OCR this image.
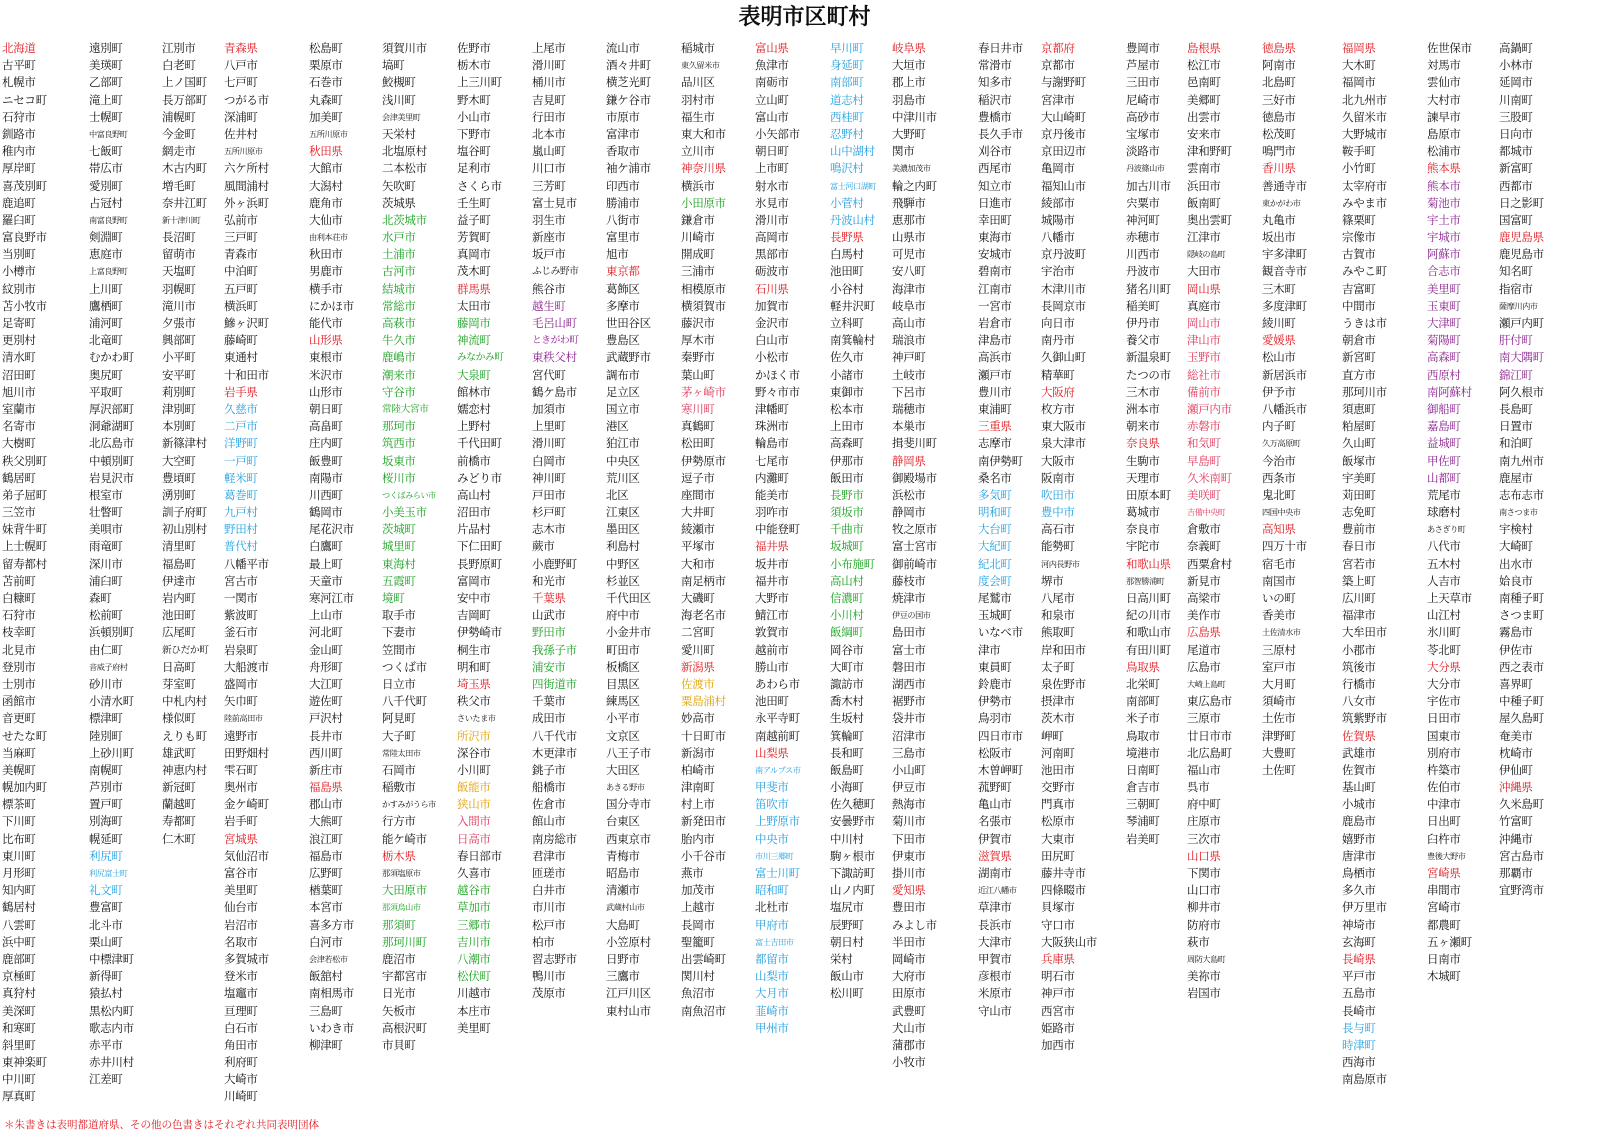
表明市区町村
北海道
古平町
札幌市
ニセコ町
石狩市
釧路市
稚内市
厚岸町
喜茂別町
鹿追町
羅臼町
富良野市
当別町
小樽市
紋別市
苫小牧市
足寄町
更別村
清水町
沼田町
旭川市
室蘭市
名寄市
大樹町
秩父別町
鶴居町
弟子屈町
三笠市
妹背牛町
上士幌町
留寿都村
苫前町
白糠町
石狩市
枝幸町
北見市
登別市
士別市
函館市
音更町
せたな町
当麻町
美幌町
幌加内町
標茶町
下川町
比布町
東川町
月形町
知内町
鶴居村
八雲町
浜中町
鹿部町
京極町
真狩村
美深町
和寒町
斜里町
東神楽町
中川町
厚真町
遠別町
美瑛町
乙部町
滝上町
士幌町
中富良野町
七飯町
帯広市
愛別町
占冠村
南富良野町
剣淵町
恵庭市
上富良野町
上川町
鷹栖町
浦河町
北竜町
むかわ町
奥尻町
平取町
厚沢部町
洞爺湖町
北広島市
中頓別町
岩見沢市
根室市
壮瞥町
美唄市
雨竜町
深川市
浦臼町
森町
松前町
浜頓別町
由仁町
音威子府村
砂川市
小清水町
標津町
陸別町
上砂川町
南幌町
芦別市
置戸町
別海町
幌延町
利尻町
利尻富士町
礼文町
豊富町
北斗市
栗山町
中標津町
新得町
猿払村
黒松内町
歌志内市
赤平市
赤井川村
江差町
江別市
白老町
上ノ国町
長万部町
浦幌町
今金町
網走市
木古内町
増毛町
奈井江町
新十津川町
長沼町
留萌市
天塩町
羽幌町
滝川市
夕張市
興部町
小平町
安平町
莉別町
津別町
本別町
新篠津村
大空町
豊頃町
湧別町
訓子府町
初山別村
清里町
福島町
伊達市
岩内町
池田町
広尾町
新ひだか町
日高町
芽室町
中札内村
様似町
えりも町
雄武町
神恵内村
新冠町
蘭越町
寿都町
仁木町
青森県
八戸市
七戸町
つがる市
深浦町
佐井村
五所川原市
六ケ所村
風間浦村
外ヶ浜町
弘前市
三戸町
青森市
中泊町
五戸町
横浜町
鰺ヶ沢町
藤崎町
東通村
十和田市
岩手県
久慈市
二戸市
洋野町
一戸町
軽米町
葛巻町
九戸村
野田村
普代村
八幡平市
宮古市
一関市
紫波町
釜石市
岩泉町
大船渡市
盛岡市
矢巾町
陸前高田市
遠野市
田野畑村
雫石町
奥州市
金ケ崎町
岩手町
宮城県
気仙沼市
富谷市
美里町
仙台市
岩沼市
名取市
多賀城市
登米市
塩竈市
亘理町
白石市
角田市
利府町
大崎市
川崎町
松島町
栗原市
石巻市
丸森町
加美町
五所川原市
秋田県
大館市
大潟村
鹿角市
大仙市
由利本荘市
秋田市
男鹿市
横手市
にかほ市
能代市
山形県
東根市
米沢市
山形市
朝日町
高畠町
庄内町
飯豊町
南陽市
川西町
鶴岡市
尾花沢市
白鷹町
最上町
天童市
寒河江市
上山市
河北町
金山町
舟形町
大江町
遊佐町
戸沢村
長井市
西川町
新庄市
福島県
郡山市
大熊町
浪江町
福島市
広野町
楢葉町
本宮市
喜多方市
白河市
会津若松市
飯舘村
南相馬市
三島町
いわき市
柳津町
須賀川市
塙町
鮫槻町
浅川町
会津美里町
天栄村
北塩原村
二本松市
矢吹町
茨城県
北茨城市
水戸市
土浦市
古河市
結城市
常総市
高萩市
牛久市
鹿嶋市
潮来市
守谷市
常陸大宮市
那珂市
筑西市
坂東市
桜川市
つくばみらい市
小美玉市
茨城町
城里町
東海村
五霞町
境町
取手市
下妻市
笠間市
つくば市
日立市
八千代町
阿見町
大子町
常陸太田市
石岡市
稲敷市
かすみがうら市
行方市
能ケ崎市
栃木県
那須塩原市
大田原市
那須烏山市
那須町
那珂川町
鹿沼市
宇都宮市
日光市
矢板市
高根沢町
市貝町
佐野市
栃木市
上三川町
野木町
小山市
下野市
塩谷町
足利市
さくら市
壬生町
益子町
芳賀町
真岡市
茂木町
群馬県
太田市
藤岡市
神流町
みなかみ町
大泉町
館林市
嬬恋村
上野村
千代田町
前橋市
みどり市
高山村
沼田市
片品村
下仁田町
長野原町
富岡市
安中市
吉岡町
伊勢崎市
桐生市
明和町
埼玉県
秩父市
さいたま市
所沢市
深谷市
小川町
飯能市
狭山市
入間市
日高市
春日部市
久喜市
越谷市
草加市
三郷市
吉川市
八潮市
松伏町
川越市
本庄市
美里町
上尾市
滑川町
桶川市
吉見町
行田市
北本市
嵐山町
川口市
三芳町
富士見市
羽生市
新座市
坂戸市
ふじみ野市
熊谷市
越生町
毛呂山町
ときがわ町
東秩父村
宮代町
鶴ケ島市
加須市
上里町
滑川町
白岡市
神川町
戸田市
杉戸町
志木市
蕨市
小鹿野町
和光市
千葉県
山武市
野田市
我孫子市
浦安市
四街道市
千葉市
成田市
八千代市
木更津市
銚子市
船橋市
佐倉市
館山市
南房総市
君津市
匝瑳市
白井市
市川市
松戸市
柏市
習志野市
鴨川市
茂原市
流山市
酒々井町
横芝光町
鎌ケ谷市
市原市
富津市
香取市
袖ケ浦市
印西市
勝浦市
八街市
富里市
旭市
東京都
葛飾区
多摩市
世田谷区
豊島区
武蔵野市
調布市
足立区
国立市
港区
狛江市
中央区
荒川区
北区
江東区
墨田区
利島村
中野区
杉並区
千代田区
府中市
小金井市
町田市
板橋区
目黒区
練馬区
小平市
文京区
八王子市
大田区
あきる野市
国分寺市
台東区
西東京市
青梅市
昭島市
清瀬市
武蔵村山市
大島町
小笠原村
日野市
三鷹市
江戸川区
東村山市
稲城市
東久留米市
品川区
羽村市
福生市
東大和市
立川市
神奈川県
横浜市
小田原市
鎌倉市
川崎市
開成町
三浦市
相模原市
横須賀市
藤沢市
厚木市
秦野市
葉山町
茅ヶ崎市
寒川町
真鶴町
松田町
伊勢原市
逗子市
座間市
大井町
綾瀬市
平塚市
大和市
南足柄市
大磯町
海老名市
二宮町
愛川町
新潟県
佐渡市
粟島浦村
妙高市
十日町市
新潟市
柏崎市
津南町
村上市
新発田市
胎内市
小千谷市
燕市
加茂市
上越市
長岡市
聖籠町
出雲崎町
関川村
魚沼市
南魚沼市
富山県
魚津市
南砺市
立山町
富山市
小矢部市
朝日町
上市町
射水市
氷見市
滑川市
高岡市
黒部市
砺波市
石川県
加賀市
金沢市
白山市
小松市
かほく市
野々市市
津幡町
珠洲市
輪島市
七尾市
内灘町
能美市
羽咋市
中能登町
福井県
坂井市
福井市
大野市
鯖江市
敦賀市
越前市
勝山市
あわら市
池田町
永平寺町
南越前町
山梨県
南アルプス市
甲斐市
笛吹市
上野原市
中央市
市川三郷町
富士川町
昭和町
北杜市
甲府市
富士吉田市
都留市
山梨市
大月市
韮崎市
甲州市
早川町
身延町
南部町
道志村
西桂町
忍野村
山中湖村
鳴沢村
富士河口湖町
小菅村
丹波山村
長野県
白馬村
池田町
小谷村
軽井沢町
立科町
南箕輪村
佐久市
小諸市
東御市
松本市
上田市
高森町
伊那市
飯田市
長野市
須坂市
千曲市
坂城町
小布施町
高山村
信濃町
小川村
飯綱町
岡谷市
大町市
諏訪市
喬木村
生坂村
箕輪町
長和町
飯島町
小海町
佐久穂町
安曇野市
中川村
駒ヶ根市
下諏訪町
山ノ内町
塩尻市
辰野町
朝日村
栄村
飯山市
松川町
岐阜県
大垣市
郡上市
羽島市
中津川市
大野町
関市
美濃加茂市
輪之内町
飛騨市
恵那市
山県市
可児市
安八町
海津市
岐阜市
高山市
瑞浪市
神戸町
土岐市
下呂市
瑞穂市
本巣市
揖斐川町
静岡県
御殿場市
浜松市
静岡市
牧之原市
富士宮市
御前崎市
藤枝市
焼津市
伊豆の国市
島田市
富士市
磐田市
湖西市
裾野市
袋井市
沼津市
三島市
小山町
伊豆市
熱海市
菊川市
下田市
伊東市
掛川市
愛知県
豊田市
みよし市
半田市
岡崎市
大府市
田原市
武豊町
犬山市
蒲郡市
小牧市
春日井市
常滑市
知多市
稲沢市
豊橋市
長久手市
刈谷市
西尾市
知立市
日進市
幸田町
東海市
安城市
碧南市
江南市
一宮市
岩倉市
津島市
高浜市
瀬戸市
豊川市
東浦町
三重県
志摩市
南伊勢町
桑名市
多気町
明和町
大台町
大紀町
紀北町
度会町
尾鷲市
玉城町
いなべ市
津市
東員町
鈴鹿市
伊勢市
鳥羽市
四日市市
松阪市
木曽岬町
菰野町
亀山市
名張市
伊賀市
滋賀県
湖南市
近江八幡市
草津市
長浜市
大津市
甲賀市
彦根市
米原市
守山市
京都府
京都市
与謝野町
宮津市
大山崎町
京丹後市
京田辺市
亀岡市
福知山市
綾部市
城陽市
八幡市
京丹波町
宇治市
木津川市
長岡京市
向日市
南丹市
久御山町
精華町
大阪府
枚方市
東大阪市
泉大津市
大阪市
阪南市
吹田市
豊中市
高石市
能勢町
河内長野市
堺市
八尾市
和泉市
熊取町
岸和田市
太子町
泉佐野市
摂津市
茨木市
岬町
河南町
池田市
交野市
門真市
松原市
大東市
田尻町
藤井寺市
四條畷市
貝塚市
守口市
大阪狭山市
兵庫県
明石市
神戸市
西宮市
姫路市
加西市
豊岡市
芦屋市
三田市
尼崎市
高砂市
宝塚市
淡路市
丹波篠山市
加古川市
宍粟市
神河町
赤穂市
川西市
丹波市
猪名川町
稲美町
伊丹市
養父市
新温泉町
たつの市
三木市
洲本市
朝来市
奈良県
生駒市
天理市
田原本町
葛城市
奈良市
宇陀市
和歌山県
那智勝浦町
日高川町
紀の川市
和歌山市
有田川町
鳥取県
北栄町
南部町
米子市
鳥取市
境港市
日南町
倉吉市
三朝町
琴浦町
岩美町
島根県
松江市
邑南町
美郷町
出雲市
安来市
津和野町
雲南市
浜田市
飯南町
奥出雲町
江津市
隠岐の島町
大田市
岡山県
真庭市
岡山市
津山市
玉野市
総社市
備前市
瀬戸内市
赤磐市
和気町
早島町
久米南町
美咲町
吉備中央町
倉敷市
奈義町
西粟倉村
新見市
高梁市
美作市
広島県
尾道市
広島市
大崎上島町
東広島市
三原市
廿日市市
北広島町
福山市
呉市
府中町
庄原市
三次市
山口県
下関市
山口市
柳井市
防府市
萩市
周防大島町
美祢市
岩国市
徳島県
阿南市
北島町
三好市
徳島市
松茂町
鳴門市
香川県
善通寺市
東かがわ市
丸亀市
坂出市
宇多津町
観音寺市
三木町
多度津町
綾川町
愛媛県
松山市
新居浜市
伊予市
八幡浜市
内子町
久万高原町
今治市
西条市
鬼北町
四国中央市
高知県
四万十市
宿毛市
南国市
いの町
香美市
土佐清水市
三原村
室戸市
大月町
須崎市
土佐市
津野町
大豊町
土佐町
福岡県
大木町
福岡市
北九州市
久留米市
大野城市
鞍手町
小竹町
太宰府市
みやま市
篠栗町
宗像市
古賀市
みやこ町
吉富町
中間市
うきは市
朝倉市
新宮町
直方市
那珂川市
須恵町
粕屋町
久山町
飯塚市
宇美町
苅田町
志免町
豊前市
春日市
宮若市
築上町
広川町
福津市
大牟田市
小郡市
筑後市
行橋市
八女市
筑紫野市
佐賀県
武雄市
佐賀市
基山町
小城市
鹿島市
嬉野市
唐津市
鳥栖市
多久市
伊万里市
神埼市
玄海町
長崎県
平戸市
五島市
長崎市
長与町
時津町
西海市
南島原市
佐世保市
対馬市
雲仙市
大村市
諫早市
島原市
松浦市
熊本県
熊本市
菊池市
宇土市
宇城市
阿蘇市
合志市
美里町
玉東町
大津町
菊陽町
高森町
西原村
南阿蘇村
御船町
嘉島町
益城町
甲佐町
山都町
荒尾市
球磨村
あさぎり町
八代市
五木村
人吉市
上天草市
山江村
氷川町
苓北町
大分県
大分市
宇佐市
日田市
国東市
別府市
杵築市
佐伯市
中津市
日出町
臼杵市
豊後大野市
宮崎県
串間市
宮崎市
都農町
五ヶ瀬町
日南市
木城町
高鍋町
小林市
延岡市
川南町
三股町
日向市
都城市
新富町
西都市
日之影町
国富町
鹿児島県
鹿児島市
知名町
指宿市
薩摩川内市
瀬戸内町
肝付町
南大隅町
錦江町
阿久根市
長島町
日置市
和泊町
南九州市
鹿屋市
志布志市
南さつま市
宇検村
大崎町
出水市
姶良市
南種子町
さつま町
霧島市
伊佐市
西之表市
喜界町
中種子町
屋久島町
奄美市
枕崎市
伊仙町
沖縄県
久米島町
竹富町
沖縄市
宮古島市
那覇市
宜野湾市
＊朱書きは表明都道府県、その他の色書きはそれぞれ共同表明団体
